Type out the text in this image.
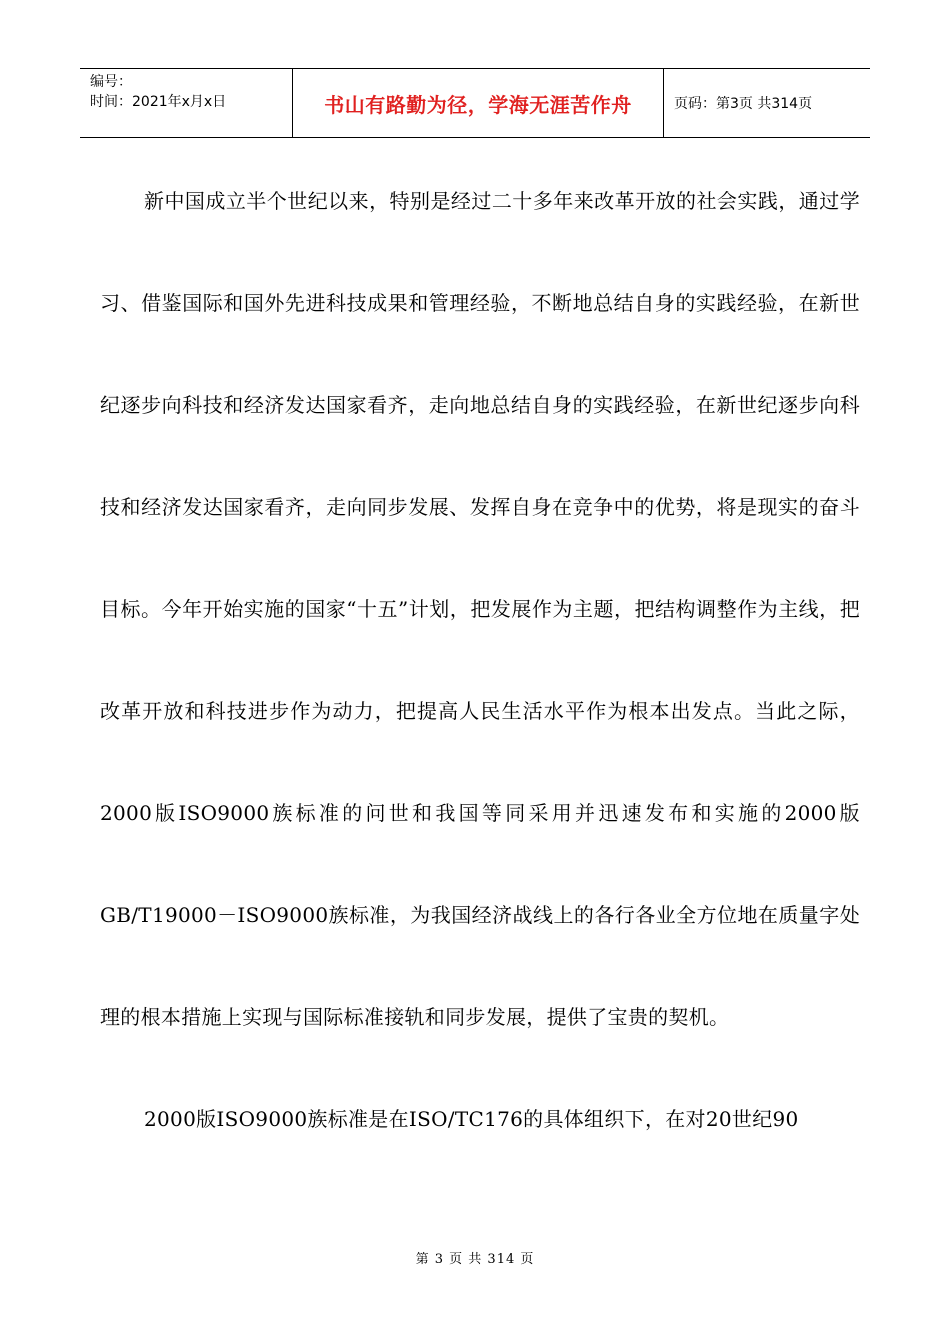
编号：
时间：2021年x月x日	书山有路勤为径，学海无涯苦作舟	页码：第3页 共314页

新中国成立半个世纪以来，特别是经过二十多年来改革开放的社会实践，通过学习、借鉴国际和国外先进科技成果和管理经验，不断地总结自身的实践经验，在新世纪逐步向科技和经济发达国家看齐，走向地总结自身的实践经验，在新世纪逐步向科技和经济发达国家看齐，走向同步发展、发挥自身在竞争中的优势，将是现实的奋斗目标。今年开始实施的国家“十五”计划，把发展作为主题，把结构调整作为主线，把改革开放和科技进步作为动力，把提高人民生活水平作为根本出发点。当此之际，2000版ISO9000族标准的问世和我国等同采用并迅速发布和实施的2000版GB/T19000－ISO9000族标准，为我国经济战线上的各行各业全方位地在质量字处理的根本措施上实现与国际标准接轨和同步发展，提供了宝贵的契机。

2000版ISO9000族标准是在ISO/TC176的具体组织下，在对20世纪90

第 3 页 共 314 页
